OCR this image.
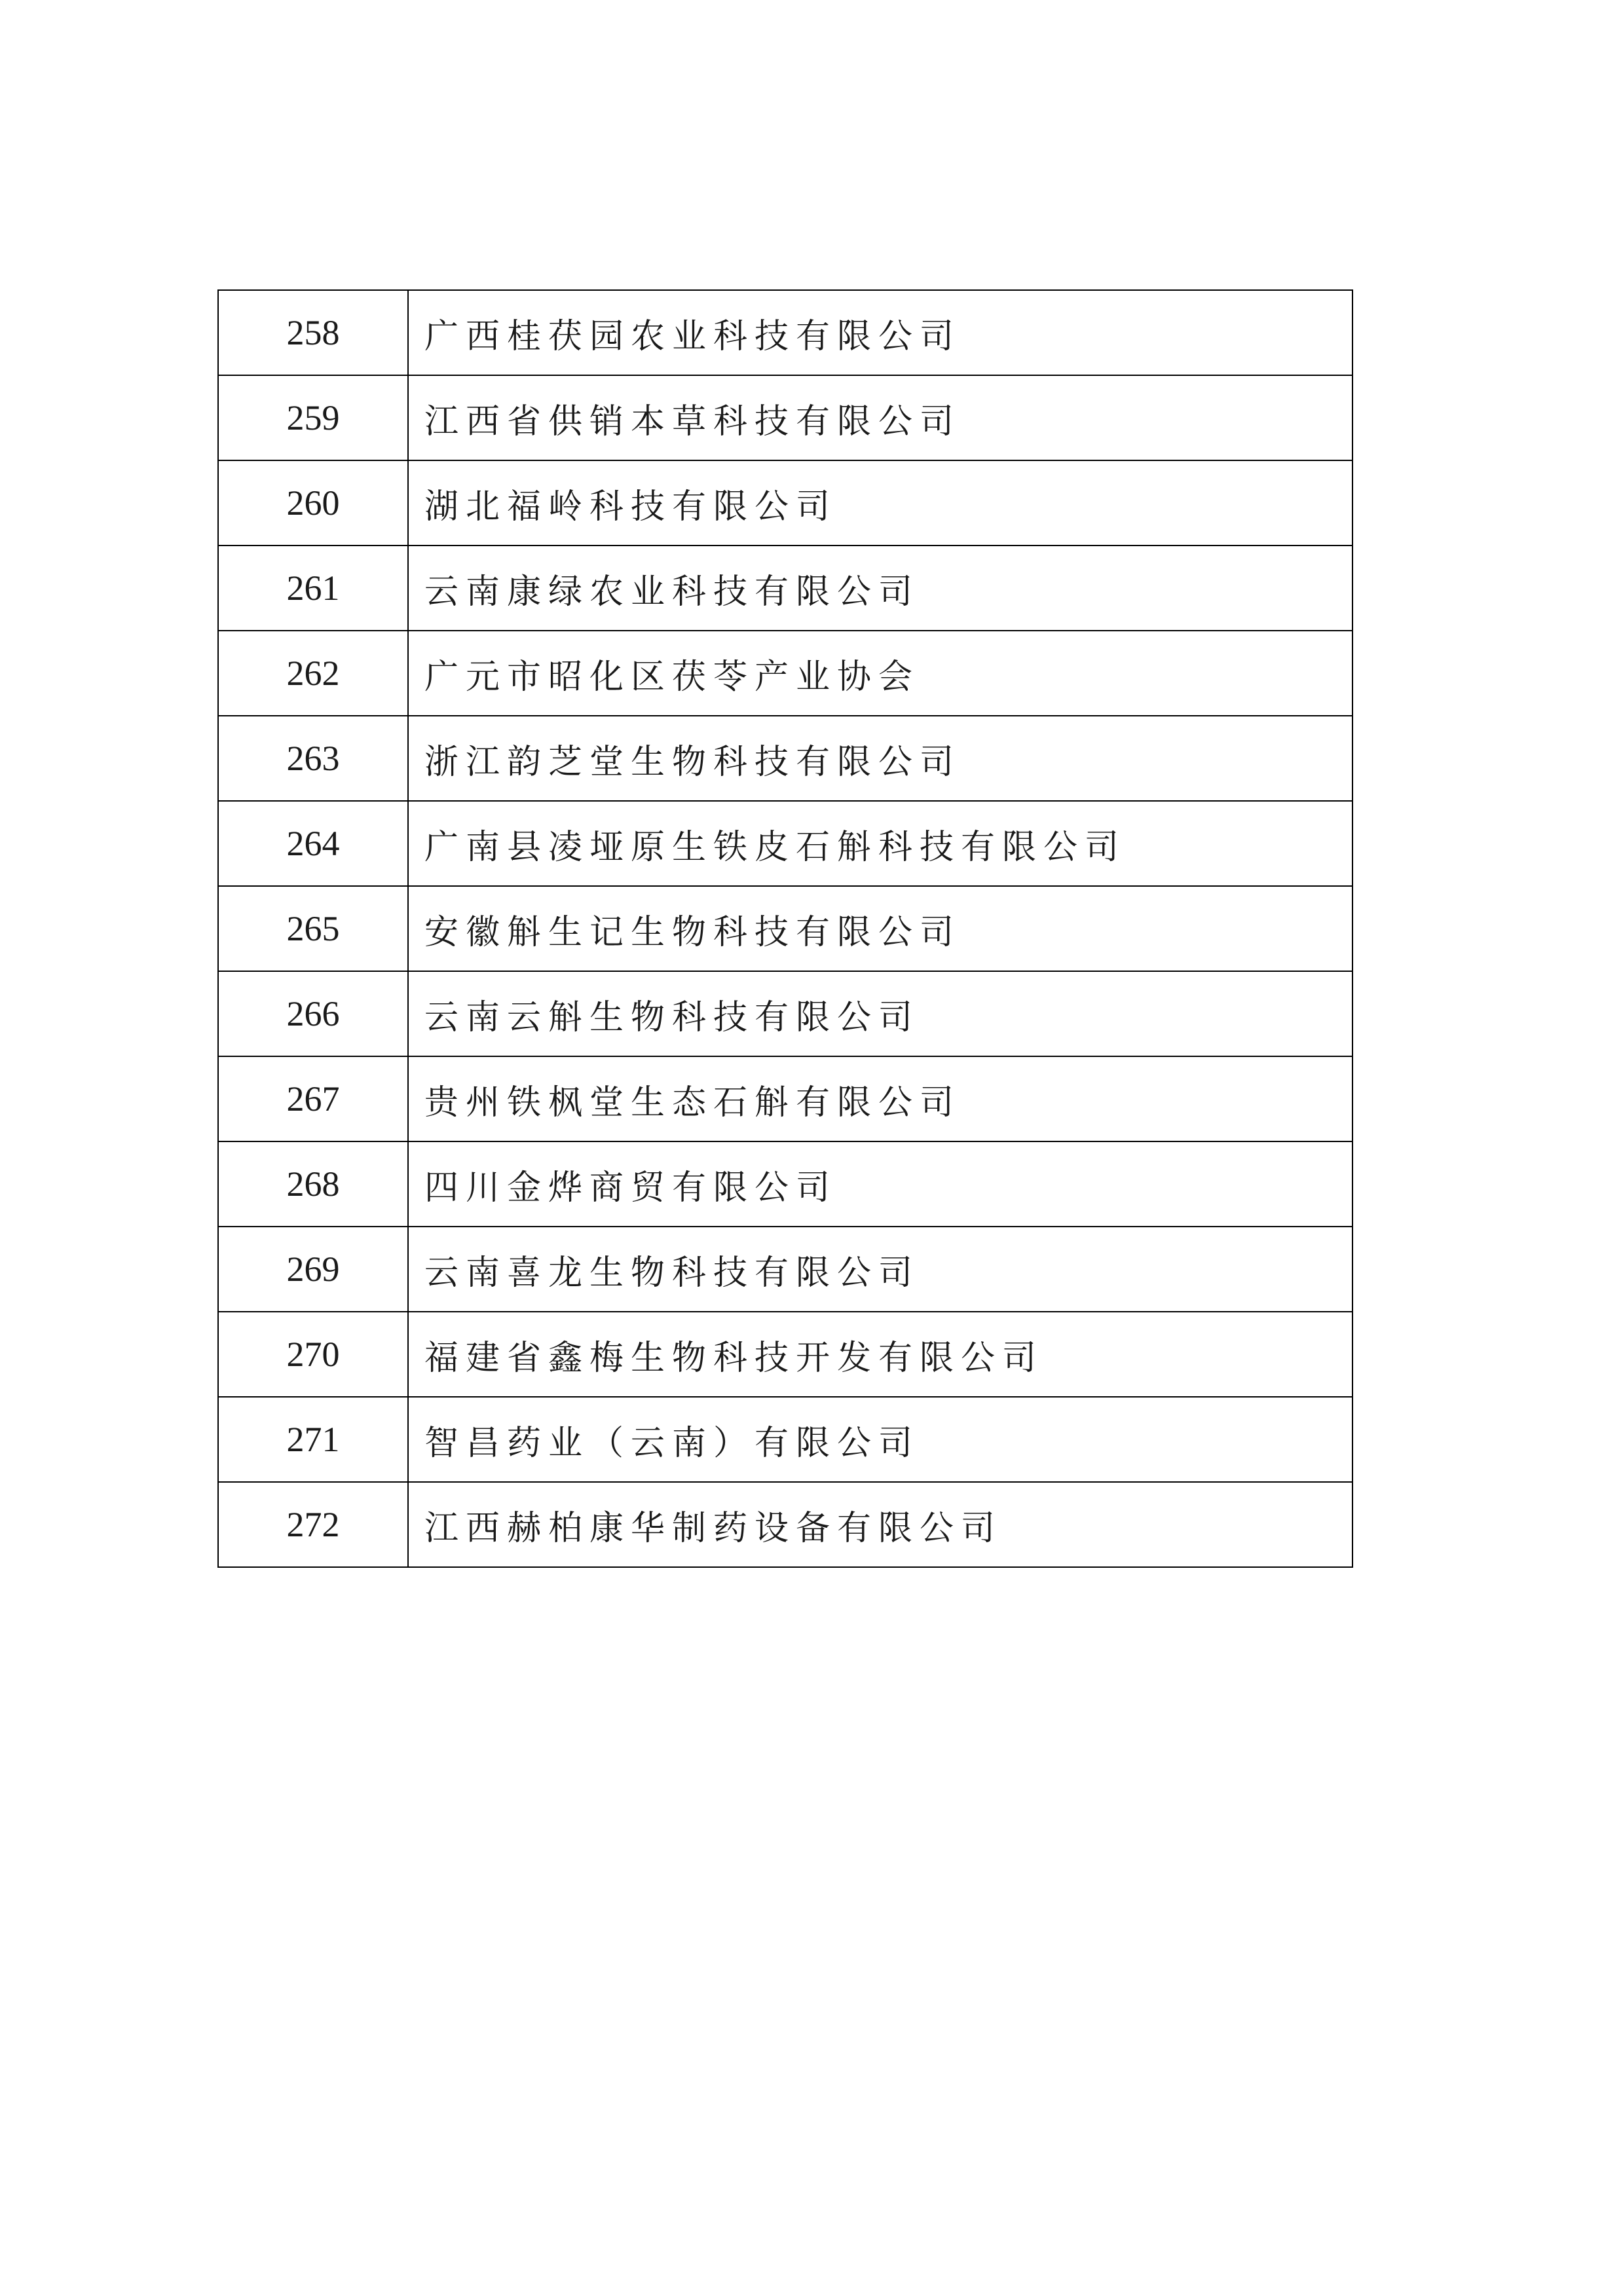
258	广西桂茯园农业科技有限公司
259	江西省供销本草科技有限公司
260	湖北福岭科技有限公司
261	云南康绿农业科技有限公司
262	广元市昭化区茯苓产业协会
263	浙江韵芝堂生物科技有限公司
264	广南县凌垭原生铁皮石斛科技有限公司
265	安徽斛生记生物科技有限公司
266	云南云斛生物科技有限公司
267	贵州铁枫堂生态石斛有限公司
268	四川金烨商贸有限公司
269	云南喜龙生物科技有限公司
270	福建省鑫梅生物科技开发有限公司
271	智昌药业（云南）有限公司
272	江西赫柏康华制药设备有限公司
